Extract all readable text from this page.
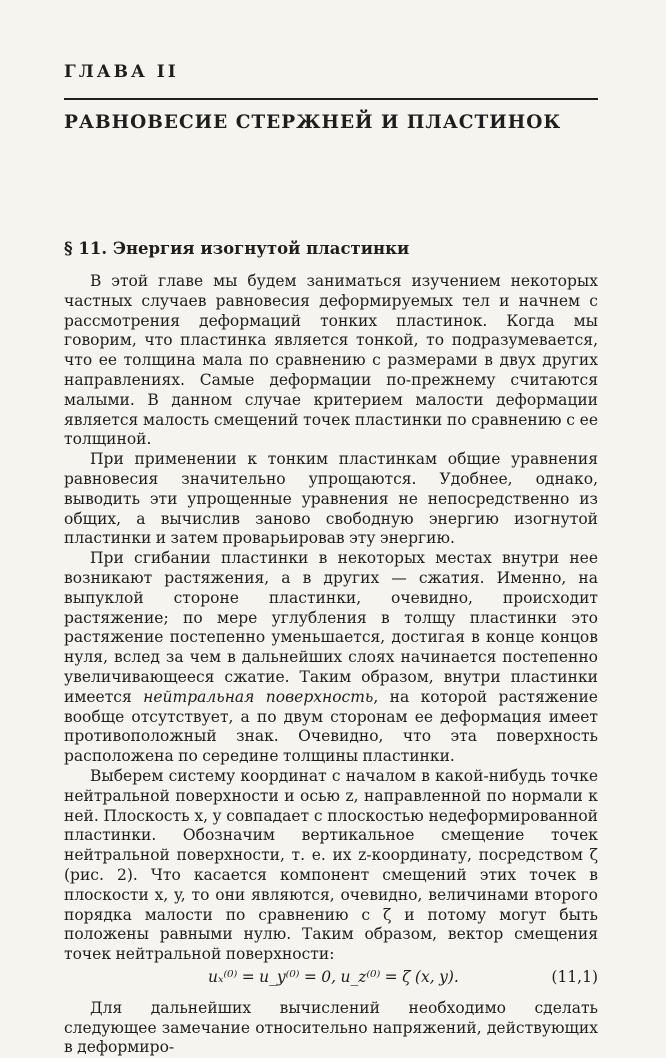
ГЛАВА II
РАВНОВЕСИЕ СТЕРЖНЕЙ И ПЛАСТИНОК
§ 11. Энергия изогнутой пластинки

В этой главе мы будем заниматься изучением некоторых частных случаев равновесия деформируемых тел и начнем с рассмотрения деформаций тонких пластинок. Когда мы говорим, что пластинка является тонкой, то подразумевается, что ее толщина мала по сравнению с размерами в двух других направлениях. Самые деформации по-прежнему считаются малыми. В данном случае критерием малости деформации является малость смещений точек пластинки по сравнению с ее толщиной.

При применении к тонким пластинкам общие уравнения равновесия значительно упрощаются. Удобнее, однако, выводить эти упрощенные уравнения не непосредственно из общих, а вычислив заново свободную энергию изогнутой пластинки и затем проварьировав эту энергию.

При сгибании пластинки в некоторых местах внутри нее возникают растяжения, а в других — сжатия. Именно, на выпуклой стороне пластинки, очевидно, происходит растяжение; по мере углубления в толщу пластинки это растяжение постепенно уменьшается, достигая в конце концов нуля, вслед за чем в дальнейших слоях начинается постепенно увеличивающееся сжатие. Таким образом, внутри пластинки имеется нейтральная поверхность, на которой растяжение вообще отсутствует, а по двум сторонам ее деформация имеет противоположный знак. Очевидно, что эта поверхность расположена по середине толщины пластинки.

Выберем систему координат с началом в какой-нибудь точке нейтральной поверхности и осью z, направленной по нормали к ней. Плоскость x, y совпадает с плоскостью недеформированной пластинки. Обозначим вертикальное смещение точек нейтральной поверхности, т. е. их z-координату, посредством ζ (рис. 2). Что касается компонент смещений этих точек в плоскости x, y, то они являются, очевидно, величинами второго порядка малости по сравнению с ζ и потому могут быть положены равными нулю. Таким образом, вектор смещения точек нейтральной поверхности:

uₓ⁽⁰⁾ = u_y⁽⁰⁾ = 0, u_z⁽⁰⁾ = ζ (x, y).	(11,1)

Для дальнейших вычислений необходимо сделать следующее замечание относительно напряжений, действующих в деформиро-
